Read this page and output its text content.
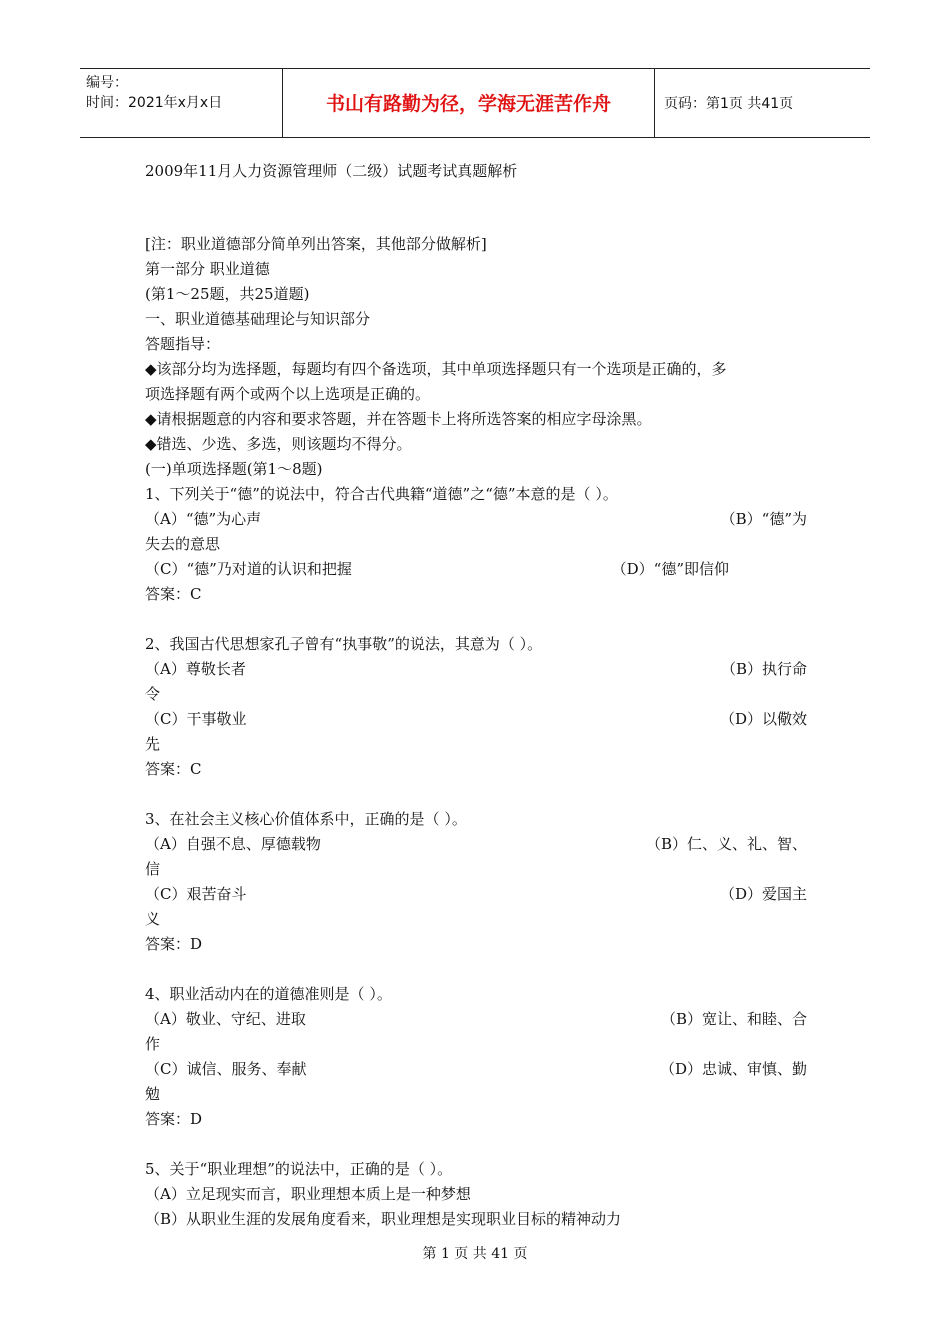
编号：
时间：2021年x月x日	书山有路勤为径，学海无涯苦作舟	页码：第1页 共41页
2009年11月人力资源管理师（二级）试题考试真题解析
[注：职业道德部分简单列出答案，其他部分做解析]
第一部分 职业道德
(第1～25题，共25道题)
一、职业道德基础理论与知识部分
答题指导：
◆该部分均为选择题，每题均有四个备选项，其中单项选择题只有一个选项是正确的，多
项选择题有两个或两个以上选项是正确的。
◆请根据题意的内容和要求答题，并在答题卡上将所选答案的相应字母涂黑。
◆错选、少选、多选，则该题均不得分。
(一)单项选择题(第1～8题)
1、下列关于“德”的说法中，符合古代典籍“道德”之“德”本意的是（ ）。
（A）“德”为心声	（B）“德”为
失去的意思
（C）“德”乃对道的认识和把握	（D）“德”即信仰
答案：C
2、我国古代思想家孔子曾有“执事敬”的说法，其意为（ ）。
（A）尊敬长者	（B）执行命
令
（C）干事敬业	（D）以儆效
先
答案：C
3、在社会主义核心价值体系中，正确的是（ ）。
（A）自强不息、厚德载物	（B）仁、义、礼、智、
信
（C）艰苦奋斗	（D）爱国主
义
答案：D
4、职业活动内在的道德准则是（ ）。
（A）敬业、守纪、进取	（B）宽让、和睦、合
作
（C）诚信、服务、奉献	（D）忠诚、审慎、勤
勉
答案：D
5、关于“职业理想”的说法中，正确的是（ ）。
（A）立足现实而言，职业理想本质上是一种梦想
（B）从职业生涯的发展角度看来，职业理想是实现职业目标的精神动力
第 1 页 共 41 页
